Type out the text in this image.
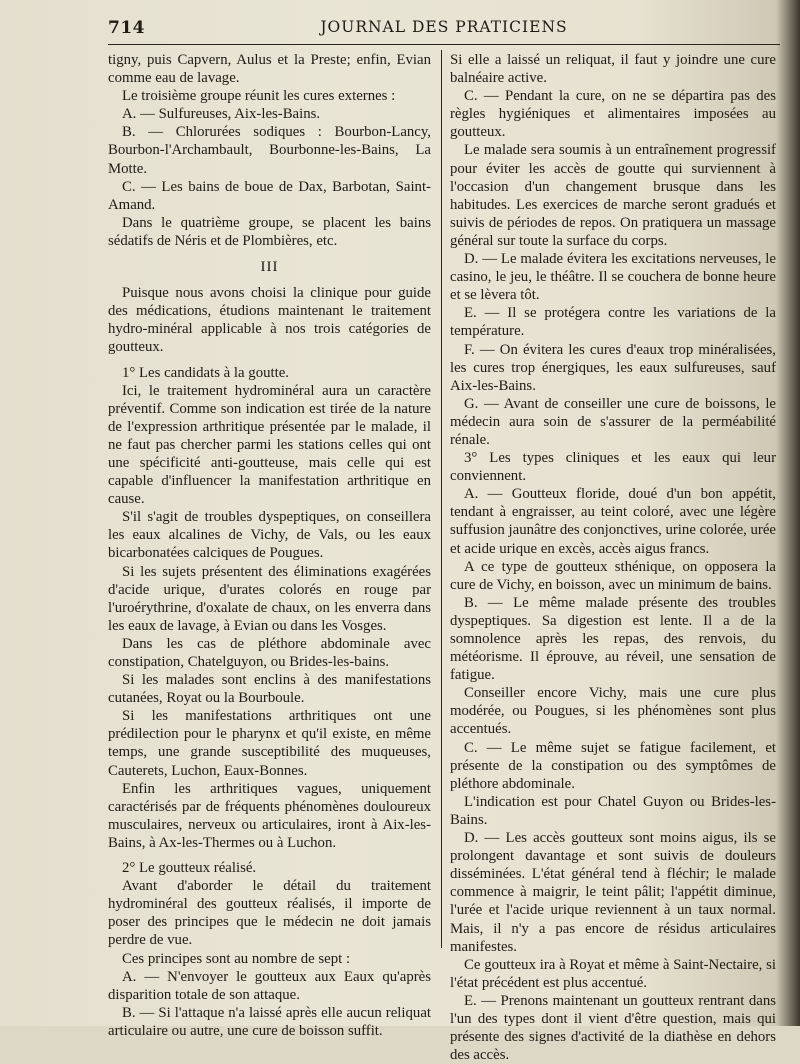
714	JOURNAL DES PRATICIENS

tigny, puis Capvern, Aulus et la Preste; enfin, Evian comme eau de lavage.

Le troisième groupe réunit les cures externes :

A. — Sulfureuses, Aix-les-Bains.

B. — Chlorurées sodiques : Bourbon-Lancy, Bourbon-l'Archambault, Bourbonne-les-Bains, La Motte.

C. — Les bains de boue de Dax, Barbotan, Saint-Amand.

Dans le quatrième groupe, se placent les bains sédatifs de Néris et de Plombières, etc.

III

Puisque nous avons choisi la clinique pour guide des médications, étudions maintenant le traitement hydro-minéral applicable à nos trois catégories de goutteux.

1° Les candidats à la goutte.

Ici, le traitement hydrominéral aura un caractère préventif. Comme son indication est tirée de la nature de l'expression arthritique présentée par le malade, il ne faut pas chercher parmi les stations celles qui ont une spécificité anti-goutteuse, mais celle qui est capable d'influencer la manifestation arthritique en cause.

S'il s'agit de troubles dyspeptiques, on conseillera les eaux alcalines de Vichy, de Vals, ou les eaux bicarbonatées calciques de Pougues.

Si les sujets présentent des éliminations exagérées d'acide urique, d'urates colorés en rouge par l'uroérythrine, d'oxalate de chaux, on les enverra dans les eaux de lavage, à Evian ou dans les Vosges.

Dans les cas de pléthore abdominale avec constipation, Chatelguyon, ou Brides-les-bains.

Si les malades sont enclins à des manifestations cutanées, Royat ou la Bourboule.

Si les manifestations arthritiques ont une prédilection pour le pharynx et qu'il existe, en même temps, une grande susceptibilité des muqueuses, Cauterets, Luchon, Eaux-Bonnes.

Enfin les arthritiques vagues, uniquement caractérisés par de fréquents phénomènes douloureux musculaires, nerveux ou articulaires, iront à Aix-les-Bains, à Ax-les-Thermes ou à Luchon.

2° Le goutteux réalisé.

Avant d'aborder le détail du traitement hydrominéral des goutteux réalisés, il importe de poser des principes que le médecin ne doit jamais perdre de vue.

Ces principes sont au nombre de sept :

A. — N'envoyer le goutteux aux Eaux qu'après disparition totale de son attaque.

B. — Si l'attaque n'a laissé après elle aucun reliquat articulaire ou autre, une cure de boisson suffit.

Si elle a laissé un reliquat, il faut y joindre une cure balnéaire active.

C. — Pendant la cure, on ne se départira pas des règles hygiéniques et alimentaires imposées au goutteux.

Le malade sera soumis à un entraînement progressif pour éviter les accès de goutte qui surviennent à l'occasion d'un changement brusque dans les habitudes. Les exercices de marche seront gradués et suivis de périodes de repos. On pratiquera un massage général sur toute la surface du corps.

D. — Le malade évitera les excitations nerveuses, le casino, le jeu, le théâtre. Il se couchera de bonne heure et se lèvera tôt.

E. — Il se protégera contre les variations de la température.

F. — On évitera les cures d'eaux trop minéralisées, les cures trop énergiques, les eaux sulfureuses, sauf Aix-les-Bains.

G. — Avant de conseiller une cure de boissons, le médecin aura soin de s'assurer de la perméabilité rénale.

3° Les types cliniques et les eaux qui leur conviennent.

A. — Goutteux floride, doué d'un bon appétit, tendant à engraisser, au teint coloré, avec une légère suffusion jaunâtre des conjonctives, urine colorée, urée et acide urique en excès, accès aigus francs.

A ce type de goutteux sthénique, on opposera la cure de Vichy, en boisson, avec un minimum de bains.

B. — Le même malade présente des troubles dyspeptiques. Sa digestion est lente. Il a de la somnolence après les repas, des renvois, du météorisme. Il éprouve, au réveil, une sensation de fatigue.

Conseiller encore Vichy, mais une cure plus modérée, ou Pougues, si les phénomènes sont plus accentués.

C. — Le même sujet se fatigue facilement, et présente de la constipation ou des symptômes de pléthore abdominale.

L'indication est pour Chatel Guyon ou Brides-les-Bains.

D. — Les accès goutteux sont moins aigus, ils se prolongent davantage et sont suivis de douleurs disséminées. L'état général tend à fléchir; le malade commence à maigrir, le teint pâlit; l'appétit diminue, l'urée et l'acide urique reviennent à un taux normal. Mais, il n'y a pas encore de résidus articulaires manifestes.

Ce goutteux ira à Royat et même à Saint-Nectaire, si l'état précédent est plus accentué.

E. — Prenons maintenant un goutteux rentrant dans l'un des types dont il vient d'être question, mais qui présente des signes d'activité de la diathèse en dehors des accès.
